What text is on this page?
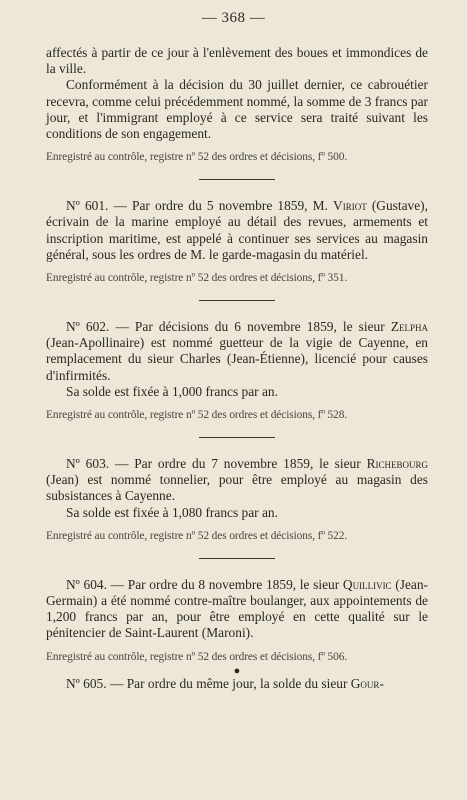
— 368 —

affectés à partir de ce jour à l'enlèvement des boues et immondices de la ville.

Conformément à la décision du 30 juillet dernier, ce cabrouétier recevra, comme celui précédemment nommé, la somme de 3 francs par jour, et l'immigrant employé à ce service sera traité suivant les conditions de son engagement.

Enregistré au contrôle, registre nº 52 des ordres et décisions, fº 500.

Nº 601. — Par ordre du 5 novembre 1859, M. Viriot (Gustave), écrivain de la marine employé au détail des revues, armements et inscription maritime, est appelé à continuer ses services au magasin général, sous les ordres de M. le garde-magasin du matériel.

Enregistré au contrôle, registre nº 52 des ordres et décisions, fº 351.

Nº 602. — Par décisions du 6 novembre 1859, le sieur Zelpha (Jean-Apollinaire) est nommé guetteur de la vigie de Cayenne, en remplacement du sieur Charles (Jean-Étienne), licencié pour causes d'infirmités.

Sa solde est fixée à 1,000 francs par an.

Enregistré au contrôle, registre nº 52 des ordres et décisions, fº 528.

Nº 603. — Par ordre du 7 novembre 1859, le sieur Richebourg (Jean) est nommé tonnelier, pour être employé au magasin des subsistances à Cayenne.

Sa solde est fixée à 1,080 francs par an.

Enregistré au contrôle, registre nº 52 des ordres et décisions, fº 522.

Nº 604. — Par ordre du 8 novembre 1859, le sieur Quillivic (Jean-Germain) a été nommé contre-maître boulanger, aux appointements de 1,200 francs par an, pour être employé en cette qualité sur le pénitencier de Saint-Laurent (Maroni).

Enregistré au contrôle, registre nº 52 des ordres et décisions, fº 506.

●

Nº 605. — Par ordre du même jour, la solde du sieur Gour-
